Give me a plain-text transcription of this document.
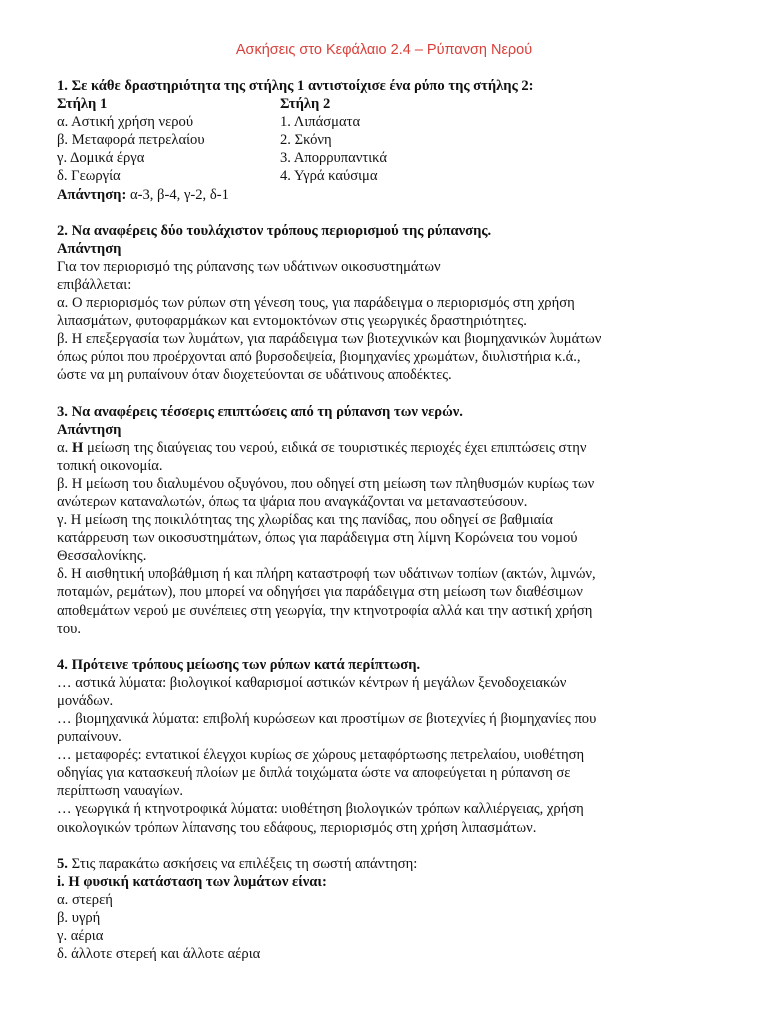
Ασκήσεις στο Κεφάλαιο 2.4 – Ρύπανση Νερού

1. Σε κάθε δραστηριότητα της στήλης 1 αντιστοίχισε ένα ρύπο της στήλης 2:

Στήλη 1	Στήλη 2
α. Αστική χρήση νερού	1. Λιπάσματα
β. Μεταφορά πετρελαίου	2. Σκόνη
γ. Δομικά έργα	3. Απορρυπαντικά
δ. Γεωργία	4. Υγρά καύσιμα

Απάντηση: α-3, β-4, γ-2, δ-1

2. Να αναφέρεις δύο τουλάχιστον τρόπους περιορισμού της ρύπανσης.

Απάντηση

Για τον περιορισμό της ρύπανσης των υδάτινων οικοσυστημάτων

επιβάλλεται:

α. Ο περιορισμός των ρύπων στη γένεση τους, για παράδειγμα ο περιορισμός στη χρήση

λιπασμάτων, φυτοφαρμάκων και εντομοκτόνων στις γεωργικές δραστηριότητες.

β. Η επεξεργασία των λυμάτων, για παράδειγμα των βιοτεχνικών και βιομηχανικών λυμάτων

όπως ρύποι που προέρχονται από βυρσοδεψεία, βιομηχανίες χρωμάτων, διυλιστήρια κ.ά.,

ώστε να μη ρυπαίνουν όταν διοχετεύονται σε υδάτινους αποδέκτες.

3. Να αναφέρεις τέσσερις επιπτώσεις από τη ρύπανση των νερών.

Απάντηση

α. Η μείωση της διαύγειας του νερού, ειδικά σε τουριστικές περιοχές έχει επιπτώσεις στην

τοπική οικονομία.

β. Η μείωση του διαλυμένου οξυγόνου, που οδηγεί στη μείωση των πληθυσμών κυρίως των

ανώτερων καταναλωτών, όπως τα ψάρια που αναγκάζονται να μεταναστεύσουν.

γ. Η μείωση της ποικιλότητας της χλωρίδας και της πανίδας, που οδηγεί σε βαθμιαία

κατάρρευση των οικοσυστημάτων, όπως για παράδειγμα στη λίμνη Κορώνεια του νομού

Θεσσαλονίκης.

δ. Η αισθητική υποβάθμιση ή και πλήρη καταστροφή των υδάτινων τοπίων (ακτών, λιμνών,

ποταμών, ρεμάτων), που μπορεί να οδηγήσει για παράδειγμα στη μείωση των διαθέσιμων

αποθεμάτων νερού με συνέπειες στη γεωργία, την κτηνοτροφία αλλά και την αστική χρήση

του.

4. Πρότεινε τρόπους μείωσης των ρύπων κατά περίπτωση.

… αστικά λύματα: βιολογικοί καθαρισμοί αστικών κέντρων ή μεγάλων ξενοδοχειακών

μονάδων.

… βιομηχανικά λύματα: επιβολή κυρώσεων και προστίμων σε βιοτεχνίες ή βιομηχανίες που

ρυπαίνουν.

… μεταφορές: εντατικοί έλεγχοι κυρίως σε χώρους μεταφόρτωσης πετρελαίου, υιοθέτηση

οδηγίας για κατασκευή πλοίων με διπλά τοιχώματα ώστε να αποφεύγεται η ρύπανση σε

περίπτωση ναυαγίων.

… γεωργικά ή κτηνοτροφικά λύματα: υιοθέτηση βιολογικών τρόπων καλλιέργειας, χρήση

οικολογικών τρόπων λίπανσης του εδάφους, περιορισμός στη χρήση λιπασμάτων.

5. Στις παρακάτω ασκήσεις να επιλέξεις τη σωστή απάντηση:

i. Η φυσική κατάσταση των λυμάτων είναι:

α. στερεή

β. υγρή

γ. αέρια

δ. άλλοτε στερεή και άλλοτε αέρια
